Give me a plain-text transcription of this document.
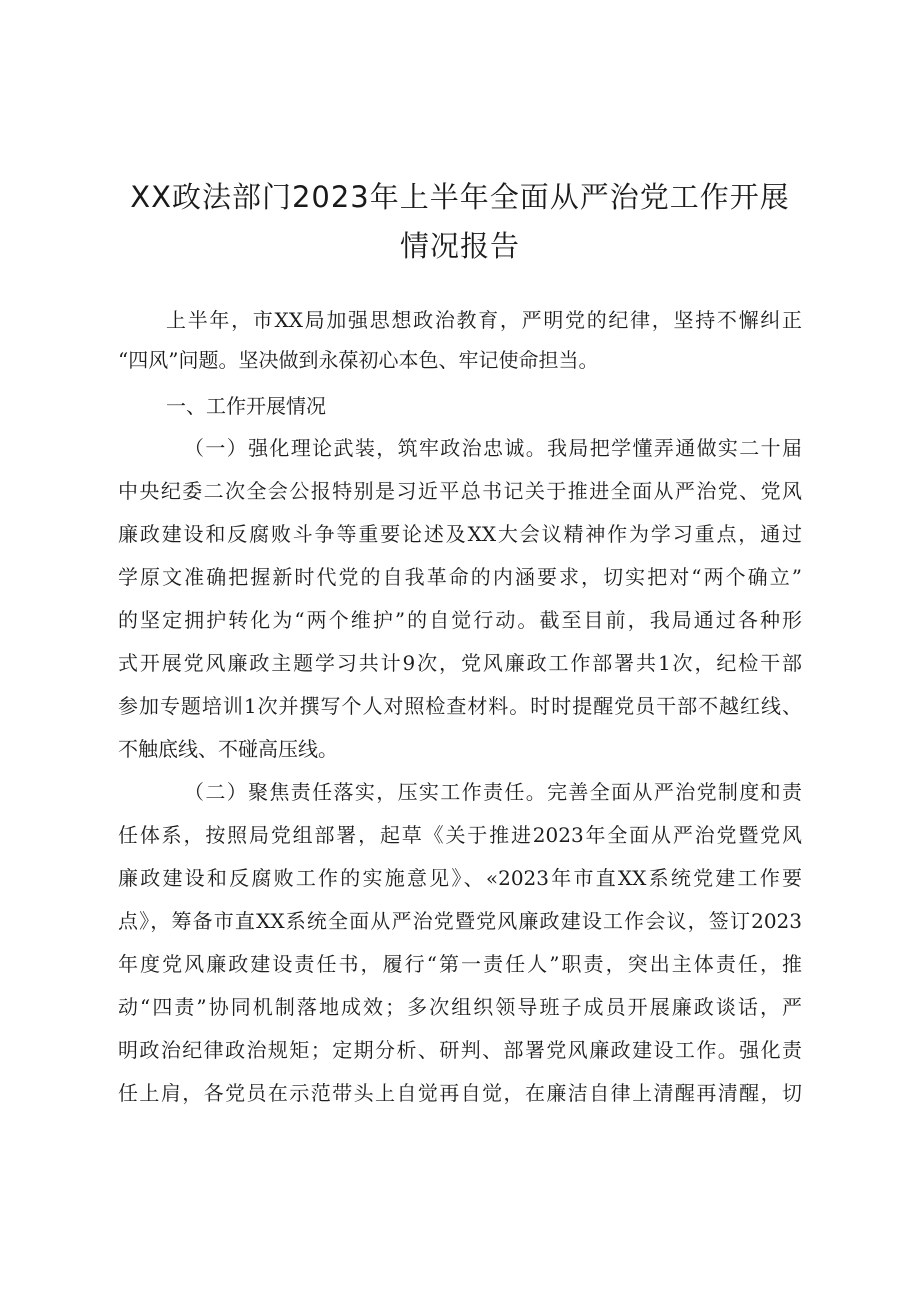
XX政法部门2023年上半年全面从严治党工作开展
情况报告

上半年，市XX局加强思想政治教育，严明党的纪律，坚持不懈纠正

“四风”问题。坚决做到永葆初心本色、牢记使命担当。

一、工作开展情况

（一）强化理论武装，筑牢政治忠诚。我局把学懂弄通做实二十届

中央纪委二次全会公报特别是习近平总书记关于推进全面从严治党、党风

廉政建设和反腐败斗争等重要论述及XX大会议精神作为学习重点，通过

学原文准确把握新时代党的自我革命的内涵要求，切实把对“两个确立”

的坚定拥护转化为“两个维护”的自觉行动。截至目前，我局通过各种形

式开展党风廉政主题学习共计9次，党风廉政工作部署共1次，纪检干部

参加专题培训1次并撰写个人对照检查材料。时时提醒党员干部不越红线、

不触底线、不碰高压线。

（二）聚焦责任落实，压实工作责任。完善全面从严治党制度和责

任体系，按照局党组部署，起草《关于推进2023年全面从严治党暨党风

廉政建设和反腐败工作的实施意见》、«2023年市直XX系统党建工作要

点》，筹备市直XX系统全面从严治党暨党风廉政建设工作会议，签订2023

年度党风廉政建设责任书，履行“第一责任人”职责，突出主体责任，推

动“四责”协同机制落地成效；多次组织领导班子成员开展廉政谈话，严

明政治纪律政治规矩；定期分析、研判、部署党风廉政建设工作。强化责

任上肩，各党员在示范带头上自觉再自觉，在廉洁自律上清醒再清醒，切
